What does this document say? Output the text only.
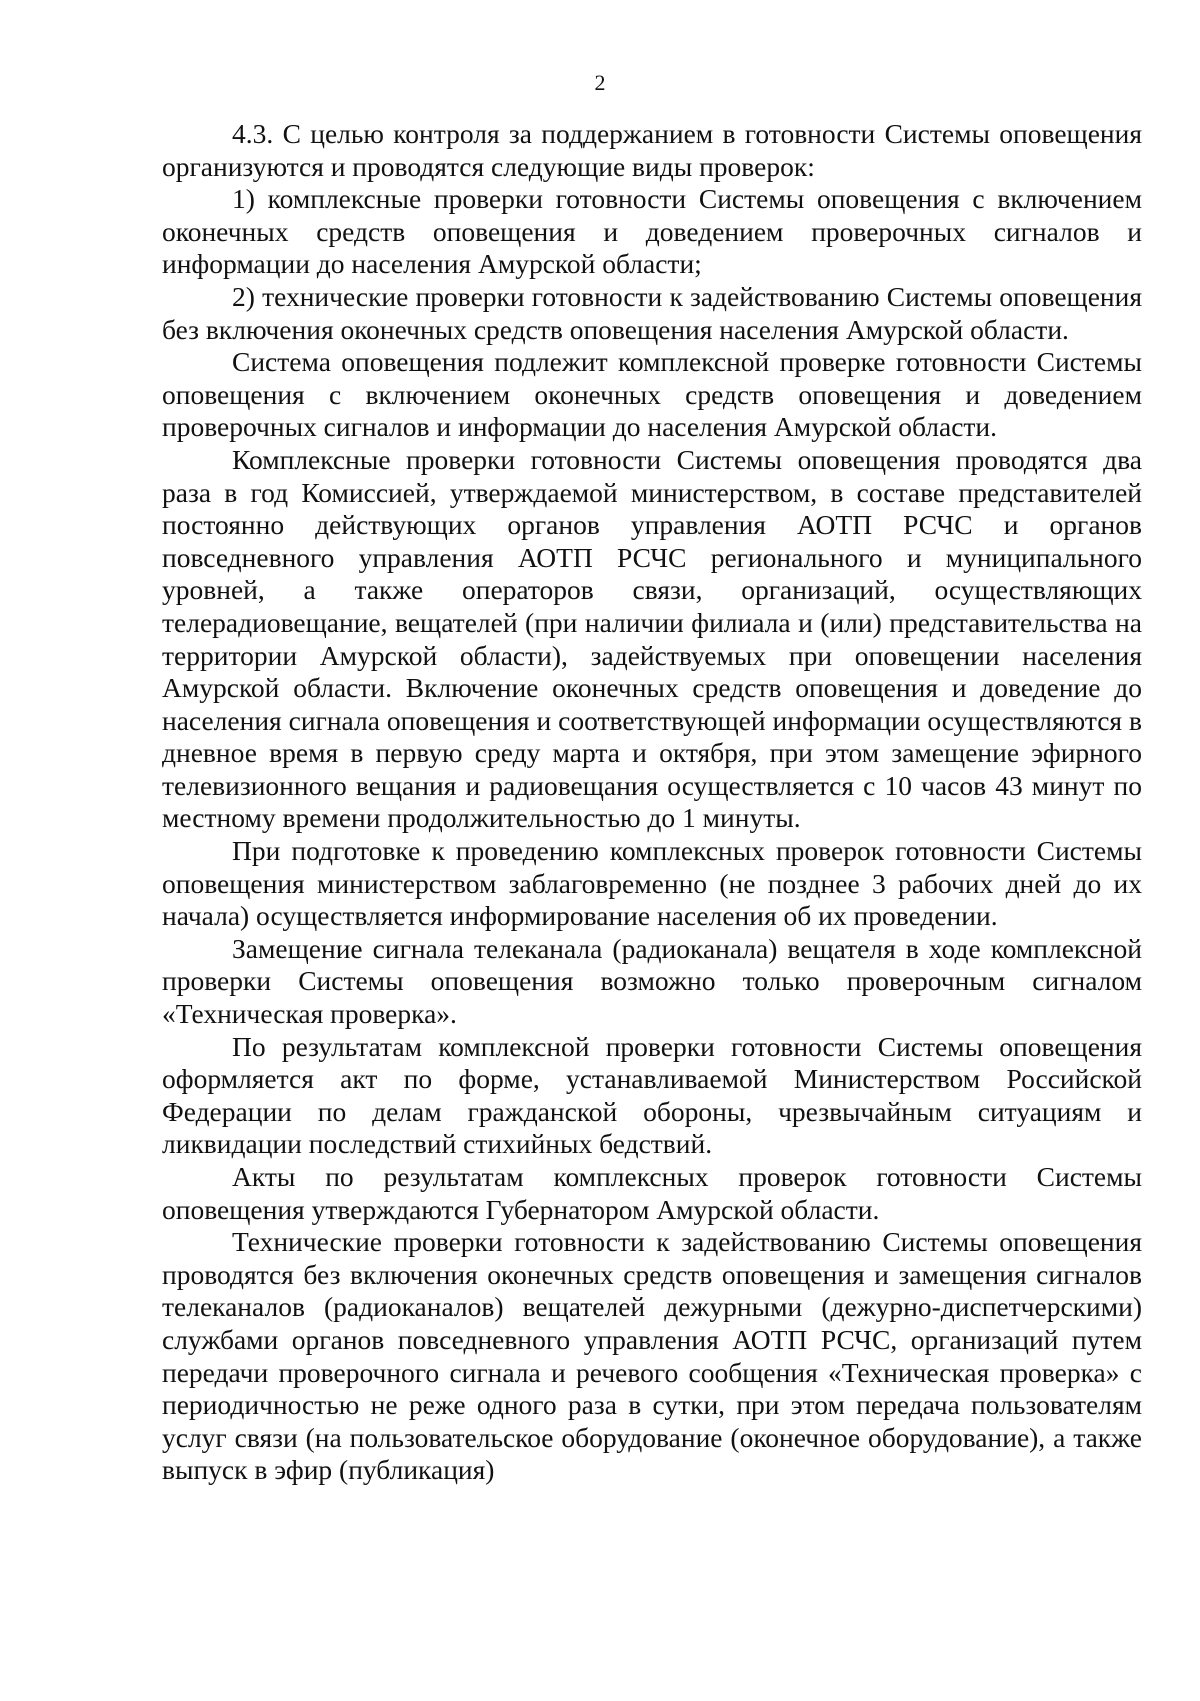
2

4.3. С целью контроля за поддержанием в готовности Системы оповещения организуются и проводятся следующие виды проверок:

1) комплексные проверки готовности Системы оповещения с включением оконечных средств оповещения и доведением проверочных сигналов и информации до населения Амурской области;

2) технические проверки готовности к задействованию Системы оповещения без включения оконечных средств оповещения населения Амурской области.

Система оповещения подлежит комплексной проверке готовности Системы оповещения с включением оконечных средств оповещения и доведением проверочных сигналов и информации до населения Амурской области.

Комплексные проверки готовности Системы оповещения проводятся два раза в год Комиссией, утверждаемой министерством, в составе представителей постоянно действующих органов управления АОТП РСЧС и органов повседневного управления АОТП РСЧС регионального и муниципального уровней, а также операторов связи, организаций, осуществляющих телерадиовещание, вещателей (при наличии филиала и (или) представительства на территории Амурской области), задействуемых при оповещении населения Амурской области. Включение оконечных средств оповещения и доведение до населения сигнала оповещения и соответствующей информации осуществляются в дневное время в первую среду марта и октября, при этом замещение эфирного телевизионного вещания и радиовещания осуществляется с 10 часов 43 минут по местному времени продолжительностью до 1 минуты.

При подготовке к проведению комплексных проверок готовности Системы оповещения министерством заблаговременно (не позднее 3 рабочих дней до их начала) осуществляется информирование населения об их проведении.

Замещение сигнала телеканала (радиоканала) вещателя в ходе комплексной проверки Системы оповещения возможно только проверочным сигналом «Техническая проверка».

По результатам комплексной проверки готовности Системы оповещения оформляется акт по форме, устанавливаемой Министерством Российской Федерации по делам гражданской обороны, чрезвычайным ситуациям и ликвидации последствий стихийных бедствий.

Акты по результатам комплексных проверок готовности Системы оповещения утверждаются Губернатором Амурской области.

Технические проверки готовности к задействованию Системы оповещения проводятся без включения оконечных средств оповещения и замещения сигналов телеканалов (радиоканалов) вещателей дежурными (дежурно-диспетчерскими) службами органов повседневного управления АОТП РСЧС, организаций путем передачи проверочного сигнала и речевого сообщения «Техническая проверка» с периодичностью не реже одного раза в сутки, при этом передача пользователям услуг связи (на пользовательское оборудование (оконечное оборудование), а также выпуск в эфир (публикация)
